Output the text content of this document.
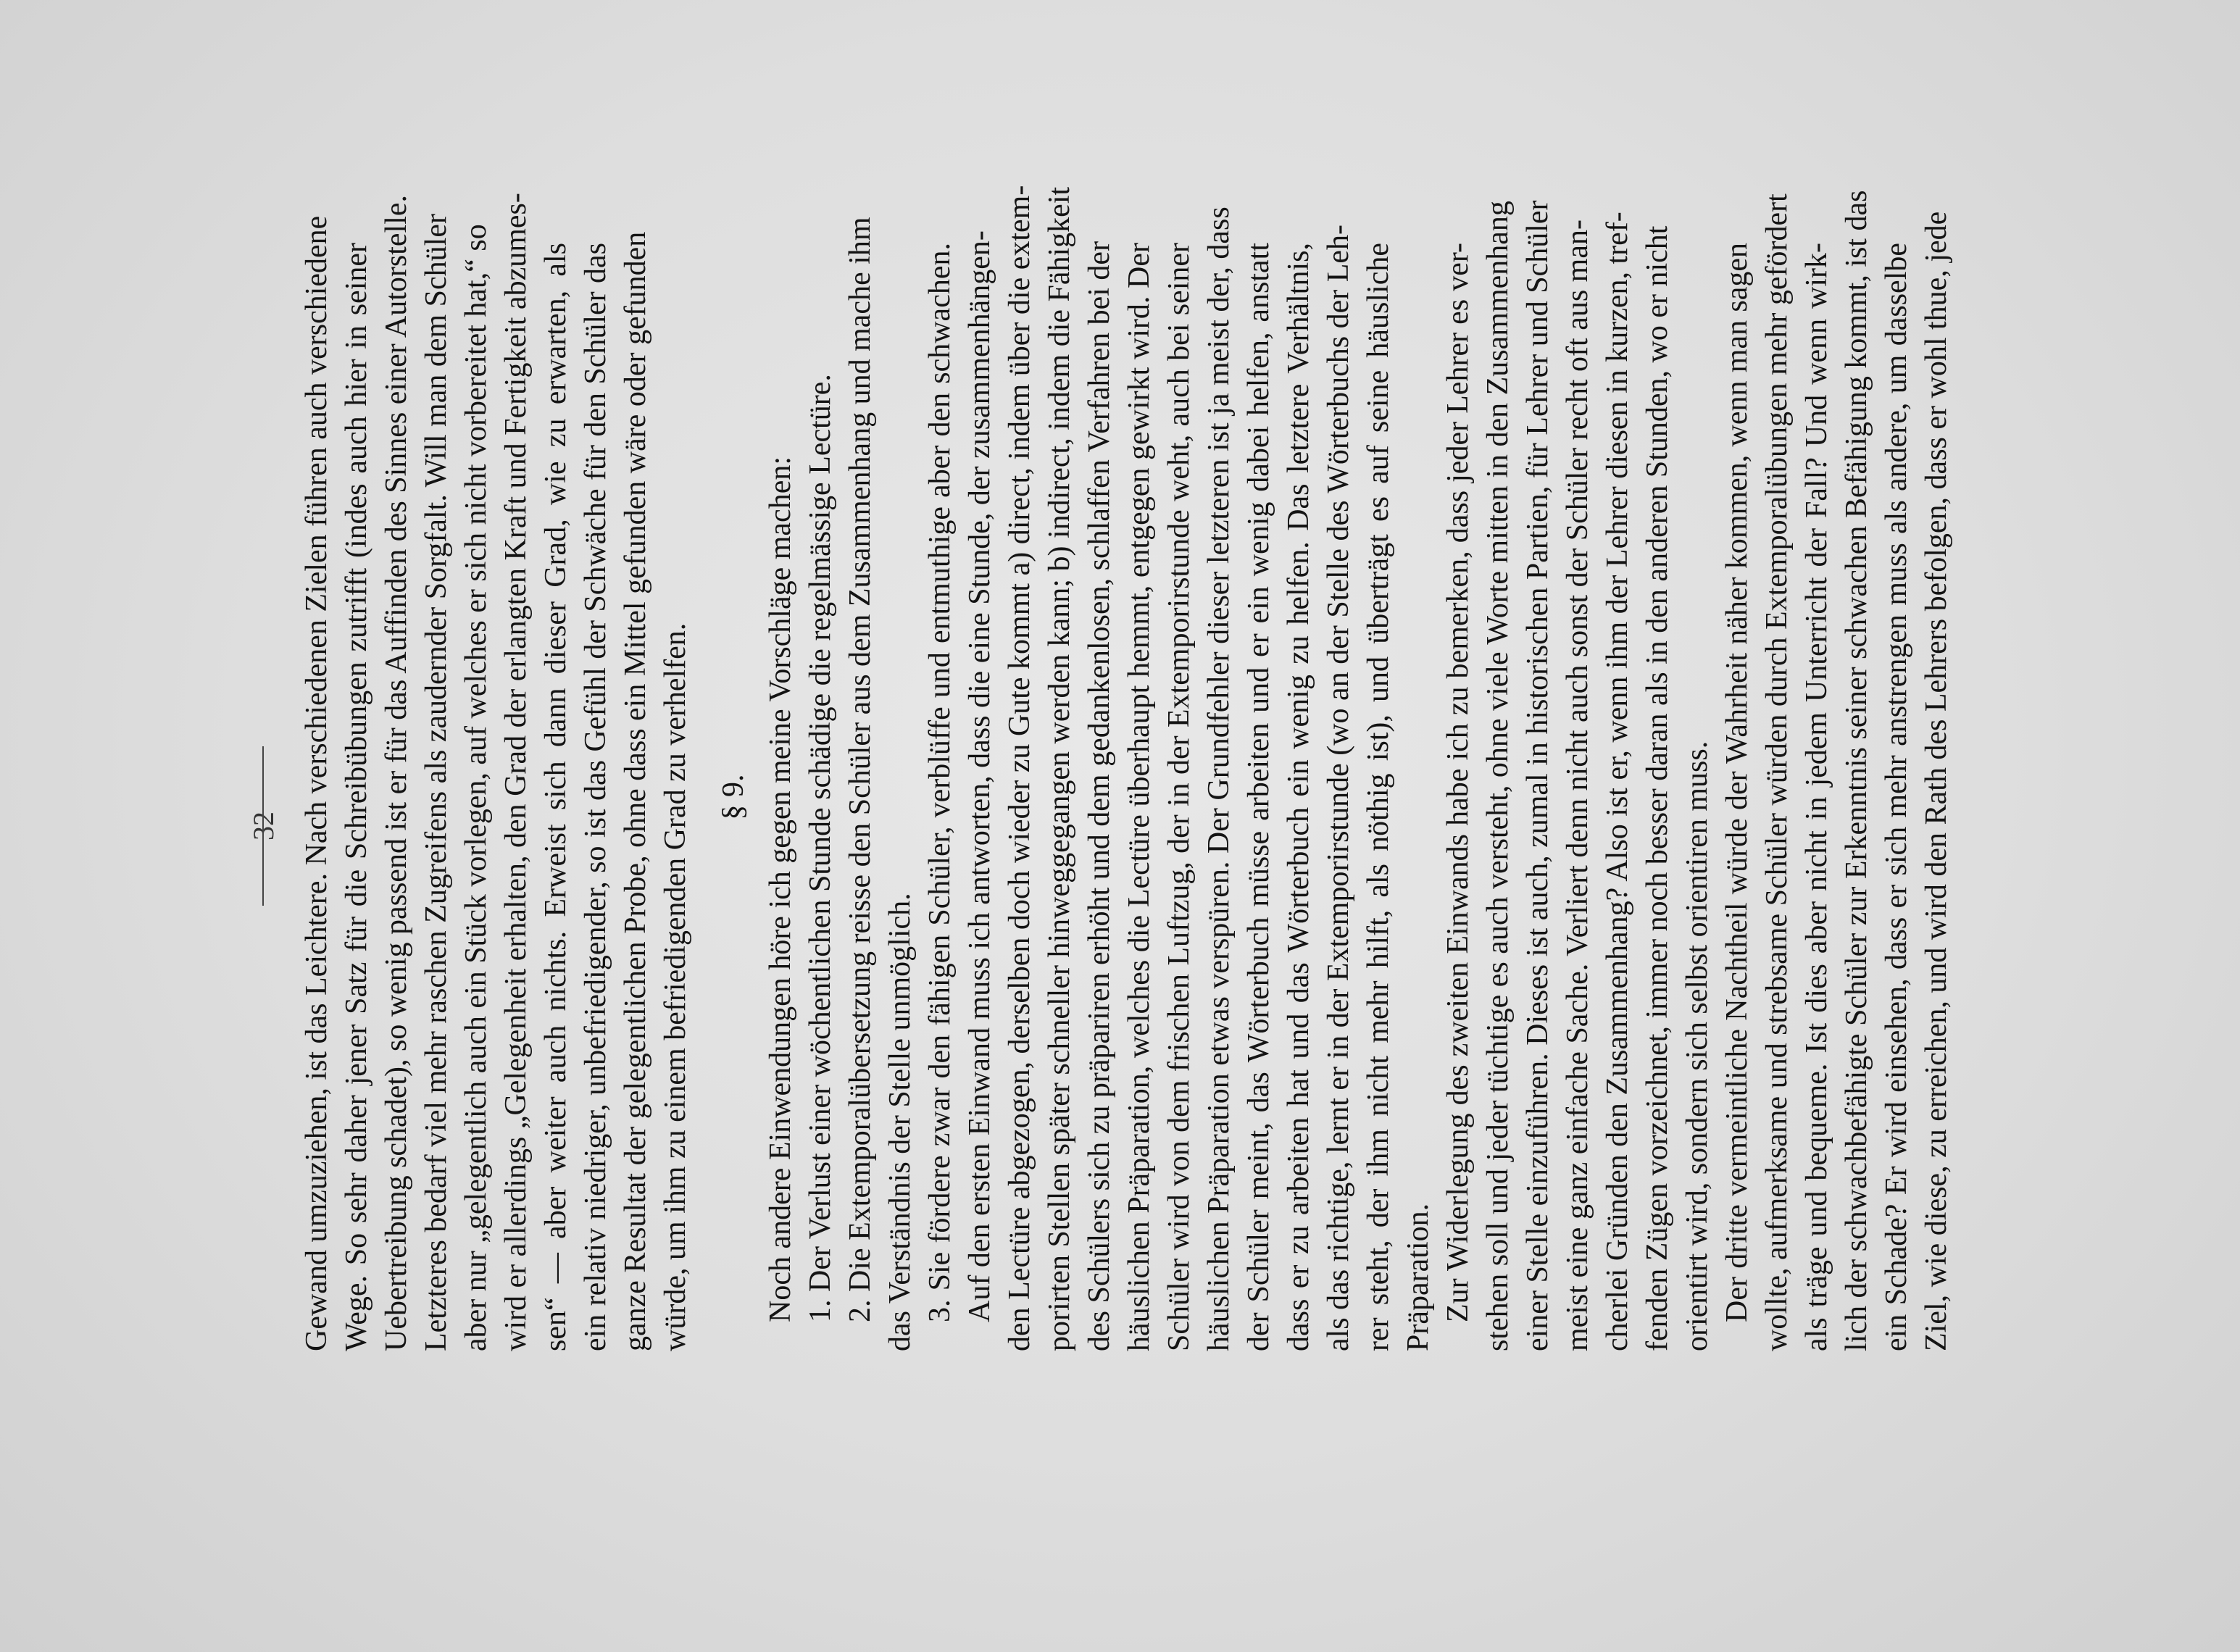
32 Gewand umzuziehen, ist das Leichtere. Nach verschiedenen Zielen führen auch verschiedene Wege. So sehr daher jener Satz für die Schreibübungen zutrifft (indes auch hier in seiner Uebertreibung schadet), so wenig passend ist er für das Auffinden des Sinnes einer Autorstelle. Letzteres bedarf viel mehr raschen Zugreifens als zaudernder Sorgfalt. Will man dem Schüler aber nur „gelegentlich auch ein Stück vorlegen, auf welches er sich nicht vorbereitet hat,“ so wird er allerdings „Gelegenheit erhalten, den Grad der erlangten Kraft und Fertigkeit abzumes- sen“ — aber weiter auch nichts. Erweist sich dann dieser Grad, wie zu erwarten, als ein relativ niedriger, unbefriedigender, so ist das Gefühl der Schwäche für den Schüler das ganze Resultat der gelegentlichen Probe, ohne dass ein Mittel gefunden wäre oder gefunden würde, um ihm zu einem befriedigenden Grad zu verhelfen. § 9. Noch andere Einwendungen höre ich gegen meine Vorschläge machen: 1. Der Verlust einer wöchentlichen Stunde schädige die regelmässige Lectüre. 2. Die Extemporalübersetzung reisse den Schüler aus dem Zusammenhang und mache ihm das Verständnis der Stelle unmöglich. 3. Sie fördere zwar den fähigen Schüler, verblüffe und entmuthige aber den schwachen. Auf den ersten Einwand muss ich antworten, dass die eine Stunde, der zusammenhängen- den Lectüre abgezogen, derselben doch wieder zu Gute kommt a) direct, indem über die extem- porirten Stellen später schneller hinweggegangen werden kann; b) indirect, indem die Fähigkeit des Schülers sich zu präpariren erhöht und dem gedankenlosen, schlaffen Verfahren bei der häuslichen Präparation, welches die Lectüre überhaupt hemmt, entgegen gewirkt wird. Der Schüler wird von dem frischen Luftzug, der in der Extemporirstunde weht, auch bei seiner häuslichen Präparation etwas verspüren. Der Grundfehler dieser letzteren ist ja meist der, dass der Schüler meint, das Wörterbuch müsse arbeiten und er ein wenig dabei helfen, anstatt dass er zu arbeiten hat und das Wörterbuch ein wenig zu helfen. Das letztere Verhältnis, als das richtige, lernt er in der Extemporirstunde (wo an der Stelle des Wörterbuchs der Leh- rer steht, der ihm nicht mehr hilft, als nöthig ist), und überträgt es auf seine häusliche Präparation. Zur Widerlegung des zweiten Einwands habe ich zu bemerken, dass jeder Lehrer es ver- stehen soll und jeder tüchtige es auch versteht, ohne viele Worte mitten in den Zusammenhang einer Stelle einzuführen. Dieses ist auch, zumal in historischen Partien, für Lehrer und Schüler meist eine ganz einfache Sache. Verliert denn nicht auch sonst der Schüler recht oft aus man- cherlei Gründen den Zusammenhang? Also ist er, wenn ihm der Lehrer diesen in kurzen, tref- fenden Zügen vorzeichnet, immer noch besser daran als in den anderen Stunden, wo er nicht orientirt wird, sondern sich selbst orientiren muss. Der dritte vermeintliche Nachtheil würde der Wahrheit näher kommen, wenn man sagen wollte, aufmerksame und strebsame Schüler würden durch Extemporalübungen mehr gefördert als träge und bequeme. Ist dies aber nicht in jedem Unterricht der Fall? Und wenn wirk- lich der schwachbefähigte Schüler zur Erkenntnis seiner schwachen Befähigung kommt, ist das ein Schade? Er wird einsehen, dass er sich mehr anstrengen muss als andere, um dasselbe Ziel, wie diese, zu erreichen, und wird den Rath des Lehrers befolgen, dass er wohl thue, jede
